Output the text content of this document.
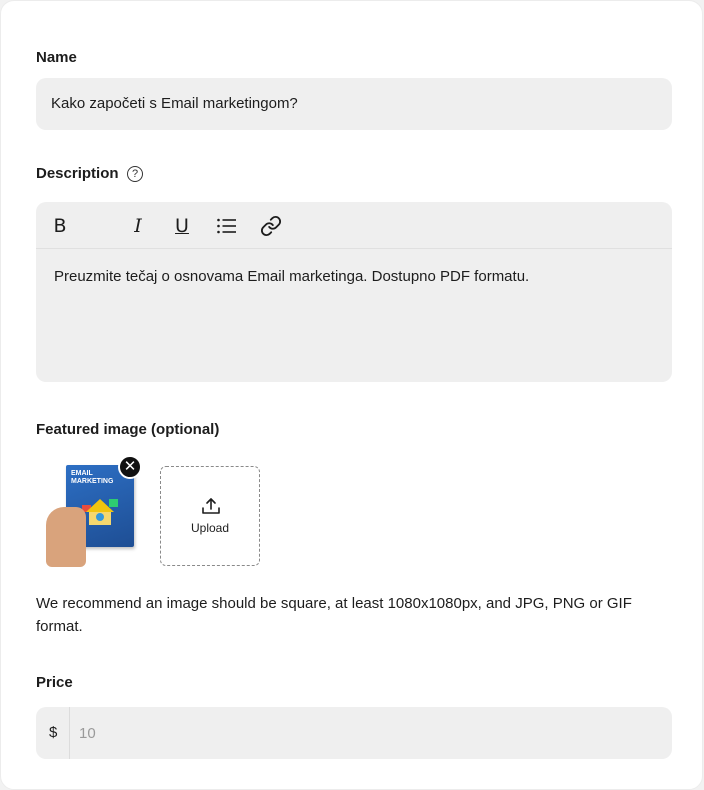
Name
Kako započeti s Email marketingom?
Description	?
B	I	U
Preuzmite tečaj o osnovama Email marketinga. Dostupno PDF formatu.
Featured image (optional)
EMAIL MARKETING
✕
Upload
We recommend an image should be square, at least 1080x1080px, and JPG, PNG or GIF format.
Price
$
10
